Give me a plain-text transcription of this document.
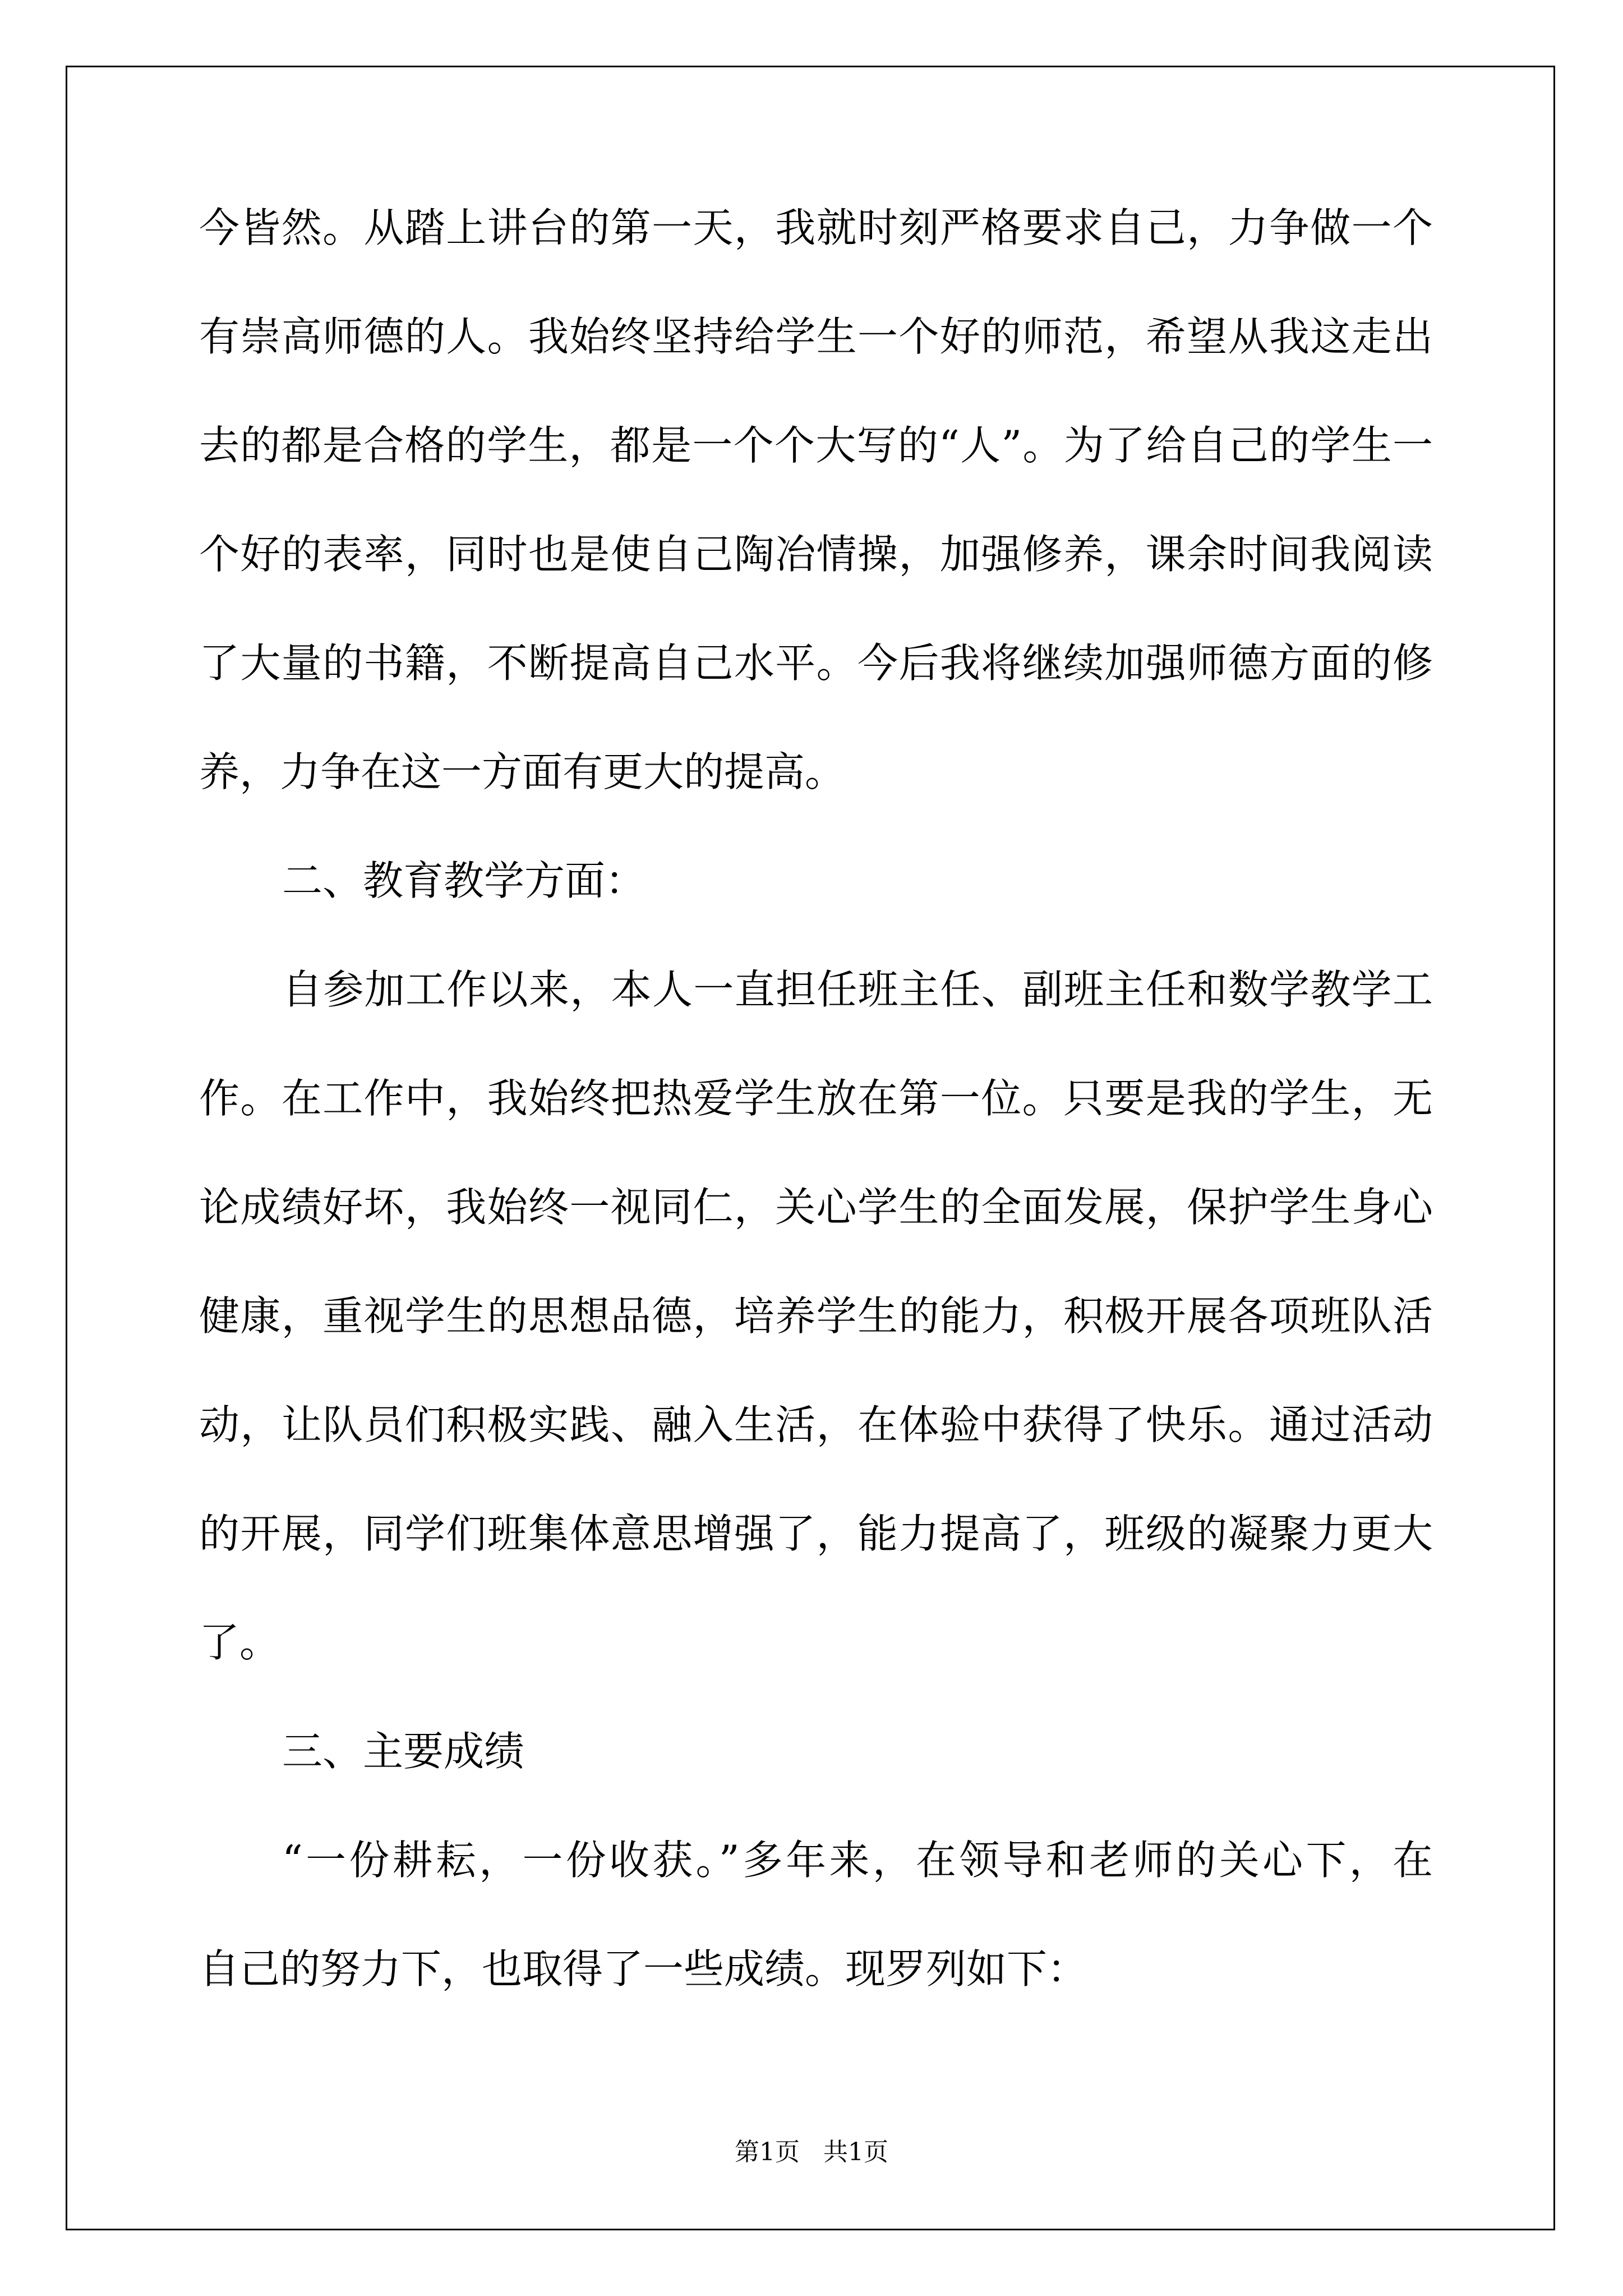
今皆然。从踏上讲台的第一天，我就时刻严格要求自己，力争做一个
有崇高师德的人。我始终坚持给学生一个好的师范，希望从我这走出
去的都是合格的学生，都是一个个大写的“人”。为了给自己的学生一
个好的表率，同时也是使自己陶冶情操，加强修养，课余时间我阅读
了大量的书籍，不断提高自己水平。今后我将继续加强师德方面的修
养，力争在这一方面有更大的提高。
二、教育教学方面：
自参加工作以来，本人一直担任班主任、副班主任和数学教学工
作。在工作中，我始终把热爱学生放在第一位。只要是我的学生，无
论成绩好坏，我始终一视同仁，关心学生的全面发展，保护学生身心
健康，重视学生的思想品德，培养学生的能力，积极开展各项班队活
动，让队员们积极实践、融入生活，在体验中获得了快乐。通过活动
的开展，同学们班集体意思增强了，能力提高了，班级的凝聚力更大
了。
三、主要成绩
“一份耕耘，一份收获。”多年来，在领导和老师的关心下，在
自己的努力下，也取得了一些成绩。现罗列如下：
第1页   共1页
